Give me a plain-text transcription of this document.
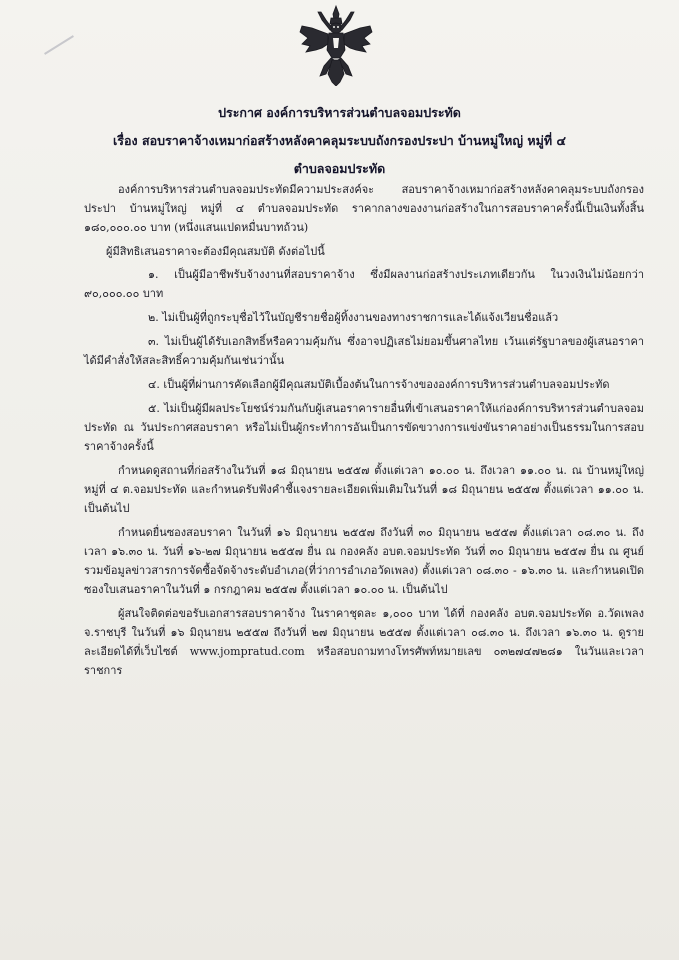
ประกาศ องค์การบริหารส่วนตำบลจอมประทัด
เรื่อง สอบราคาจ้างเหมาก่อสร้างหลังคาคลุมระบบถังกรองประปา บ้านหมู่ใหญ่ หมู่ที่ ๔
ตำบลจอมประทัด

องค์การบริหารส่วนตำบลจอมประทัดมีความประสงค์จะ สอบราคาจ้างเหมาก่อสร้างหลังคาคลุมระบบถังกรองประปา บ้านหมู่ใหญ่ หมู่ที่ ๔ ตำบลจอมประทัด ราคากลางของงานก่อสร้างในการสอบราคาครั้งนี้เป็นเงินทั้งสิ้น ๑๘๐,๐๐๐.๐๐ บาท (หนึ่งแสนแปดหมื่นบาทถ้วน)

ผู้มีสิทธิเสนอราคาจะต้องมีคุณสมบัติ ดังต่อไปนี้

๑. เป็นผู้มีอาชีพรับจ้างงานที่สอบราคาจ้าง ซึ่งมีผลงานก่อสร้างประเภทเดียวกัน ในวงเงินไม่น้อยกว่า ๙๐,๐๐๐.๐๐ บาท

๒. ไม่เป็นผู้ที่ถูกระบุชื่อไว้ในบัญชีรายชื่อผู้ทิ้งงานของทางราชการและได้แจ้งเวียนชื่อแล้ว

๓. ไม่เป็นผู้ได้รับเอกสิทธิ์หรือความคุ้มกัน ซึ่งอาจปฏิเสธไม่ยอมขึ้นศาลไทย เว้นแต่รัฐบาลของผู้เสนอราคาได้มีคำสั่งให้สละสิทธิ์ความคุ้มกันเช่นว่านั้น

๔. เป็นผู้ที่ผ่านการคัดเลือกผู้มีคุณสมบัติเบื้องต้นในการจ้างขององค์การบริหารส่วนตำบลจอมประทัด

๕. ไม่เป็นผู้มีผลประโยชน์ร่วมกันกับผู้เสนอราคารายอื่นที่เข้าเสนอราคาให้แก่องค์การบริหารส่วนตำบลจอมประทัด ณ วันประกาศสอบราคา หรือไม่เป็นผู้กระทำการอันเป็นการขัดขวางการแข่งขันราคาอย่างเป็นธรรมในการสอบราคาจ้างครั้งนี้

กำหนดดูสถานที่ก่อสร้างในวันที่ ๑๘ มิถุนายน ๒๕๕๗ ตั้งแต่เวลา ๑๐.๐๐ น. ถึงเวลา ๑๑.๐๐ น. ณ บ้านหมู่ใหญ่ หมู่ที่ ๔ ต.จอมประทัด และกำหนดรับฟังคำชี้แจงรายละเอียดเพิ่มเติมในวันที่ ๑๘ มิถุนายน ๒๕๕๗ ตั้งแต่เวลา ๑๑.๐๐ น. เป็นต้นไป

กำหนดยื่นซองสอบราคา ในวันที่ ๑๖ มิถุนายน ๒๕๕๗ ถึงวันที่ ๓๐ มิถุนายน ๒๕๕๗ ตั้งแต่เวลา ๐๘.๓๐ น. ถึงเวลา ๑๖.๓๐ น. วันที่ ๑๖-๒๗ มิถุนายน ๒๕๕๗ ยื่น ณ กองคลัง อบต.จอมประทัด วันที่ ๓๐ มิถุนายน ๒๕๕๗ ยื่น ณ ศูนย์รวมข้อมูลข่าวสารการจัดซื้อจัดจ้างระดับอำเภอ(ที่ว่าการอำเภอวัดเพลง) ตั้งแต่เวลา ๐๘.๓๐ - ๑๖.๓๐ น. และกำหนดเปิดซองใบเสนอราคาในวันที่ ๑ กรกฎาคม ๒๕๕๗ ตั้งแต่เวลา ๑๐.๐๐ น. เป็นต้นไป

ผู้สนใจติดต่อขอรับเอกสารสอบราคาจ้าง ในราคาชุดละ ๑,๐๐๐ บาท ได้ที่ กองคลัง อบต.จอมประทัด อ.วัดเพลง จ.ราชบุรี ในวันที่ ๑๖ มิถุนายน ๒๕๕๗ ถึงวันที่ ๒๗ มิถุนายน ๒๕๕๗ ตั้งแต่เวลา ๐๘.๓๐ น. ถึงเวลา ๑๖.๓๐ น. ดูรายละเอียดได้ที่เว็บไซต์ www.jompratud.com หรือสอบถามทางโทรศัพท์หมายเลข ๐๓๒๗๔๗๒๘๑ ในวันและเวลาราชการ
